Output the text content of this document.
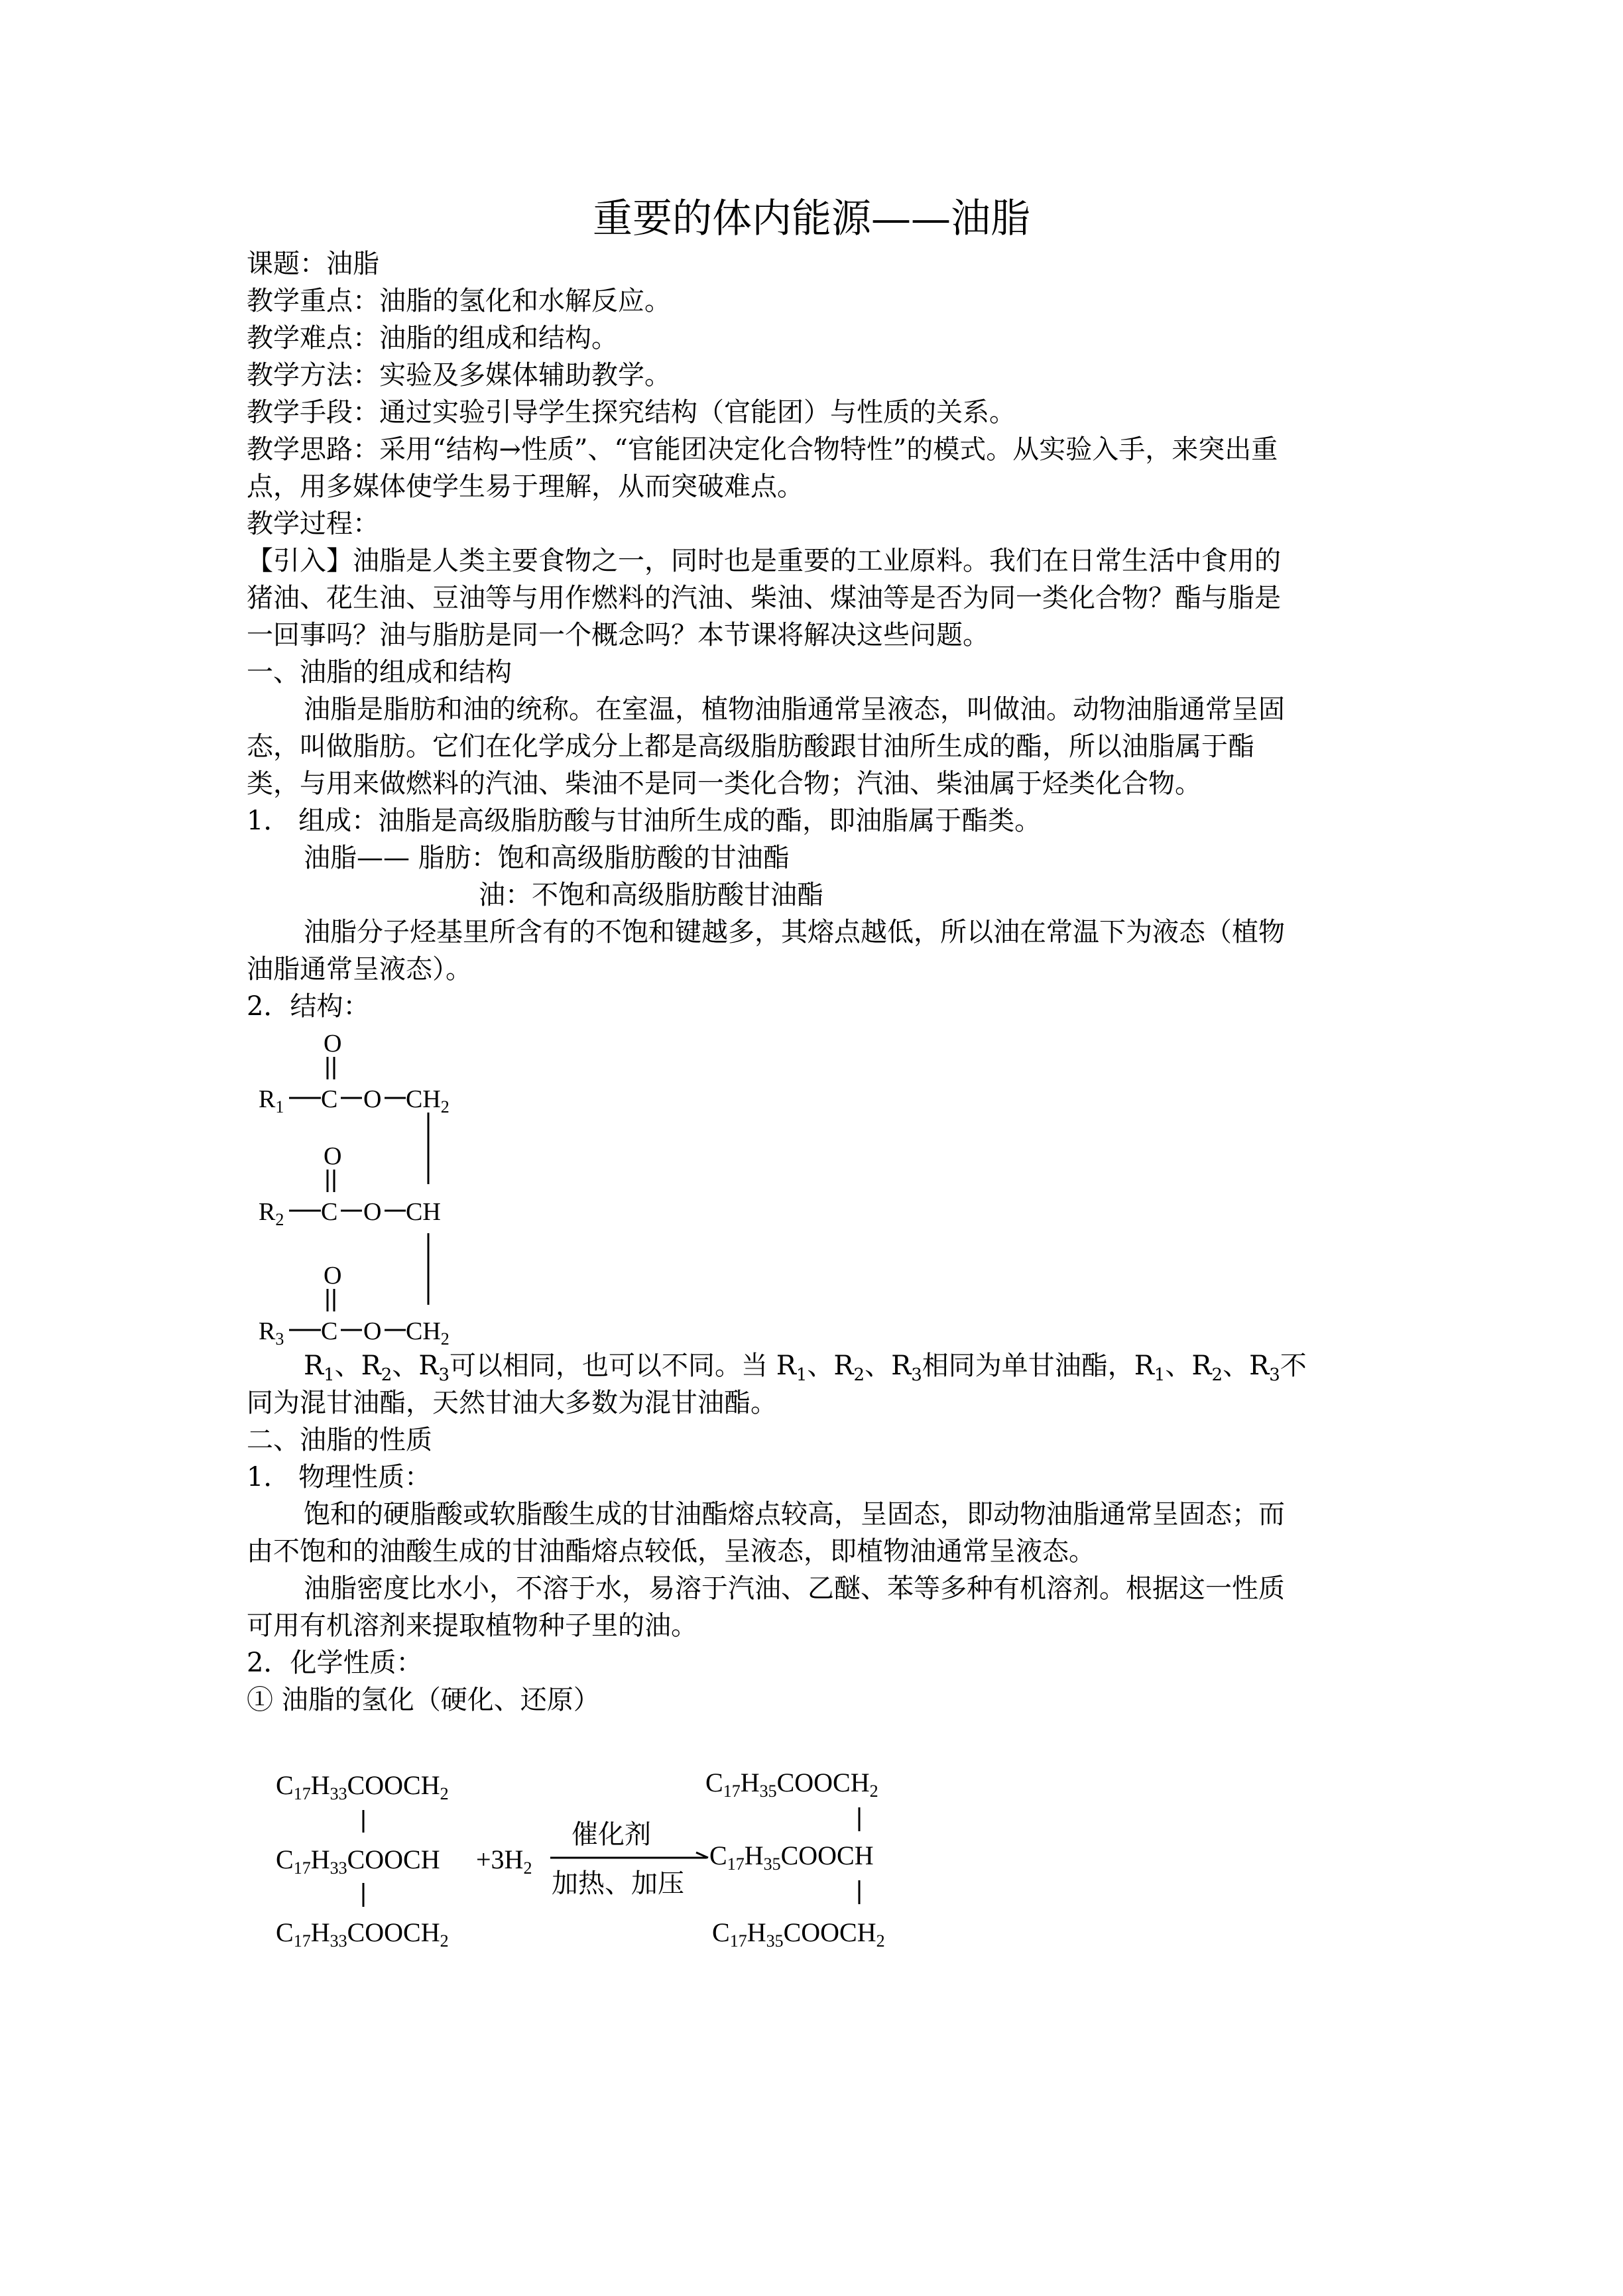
重要的体内能源——油脂
课题：油脂
教学重点：油脂的氢化和水解反应。
教学难点：油脂的组成和结构。
教学方法：实验及多媒体辅助教学。
教学手段：通过实验引导学生探究结构（官能团）与性质的关系。
教学思路：采用“结构→性质”、“官能团决定化合物特性”的模式。从实验入手，来突出重
点，用多媒体使学生易于理解，从而突破难点。
教学过程：
【引入】油脂是人类主要食物之一，同时也是重要的工业原料。我们在日常生活中食用的
猪油、花生油、豆油等与用作燃料的汽油、柴油、煤油等是否为同一类化合物？酯与脂是
一回事吗？油与脂肪是同一个概念吗？本节课将解决这些问题。
一、油脂的组成和结构
油脂是脂肪和油的统称。在室温，植物油脂通常呈液态，叫做油。动物油脂通常呈固
态，叫做脂肪。它们在化学成分上都是高级脂肪酸跟甘油所生成的酯，所以油脂属于酯
类，与用来做燃料的汽油、柴油不是同一类化合物；汽油、柴油属于烃类化合物。
1． 组成：油脂是高级脂肪酸与甘油所生成的酯，即油脂属于酯类。
油脂—— 脂肪：饱和高级脂肪酸的甘油酯
油：不饱和高级脂肪酸甘油酯
油脂分子烃基里所含有的不饱和键越多，其熔点越低，所以油在常温下为液态（植物
油脂通常呈液态）。
2．结构：
O
$R_1$ C O $CH_2$
O
$R_2$ C O CH
O
$R_3$ C O $CH_2$
$R_1$、$R_2$、$R_3$可以相同，也可以不同。当 $R_1$、$R_2$、$R_3$相同为单甘油酯，$R_1$、$R_2$、$R_3$不
同为混甘油酯，天然甘油大多数为混甘油酯。
二、油脂的性质
1． 物理性质：
饱和的硬脂酸或软脂酸生成的甘油酯熔点较高，呈固态，即动物油脂通常呈固态；而
由不饱和的油酸生成的甘油酯熔点较低，呈液态，即植物油通常呈液态。
油脂密度比水小，不溶于水，易溶于汽油、乙醚、苯等多种有机溶剂。根据这一性质
可用有机溶剂来提取植物种子里的油。
2．化学性质：
① 油脂的氢化（硬化、还原）
$C_{17}H_{33}COOCH_2$
$C_{17}H_{33}COOCH$
$C_{17}H_{33}COOCH_2$
$+3H_2$
催化剂
加热、加压
$C_{17}H_{35}COOCH_2$
$C_{17}H_{35}COOCH$
$C_{17}H_{35}COOCH_2$
